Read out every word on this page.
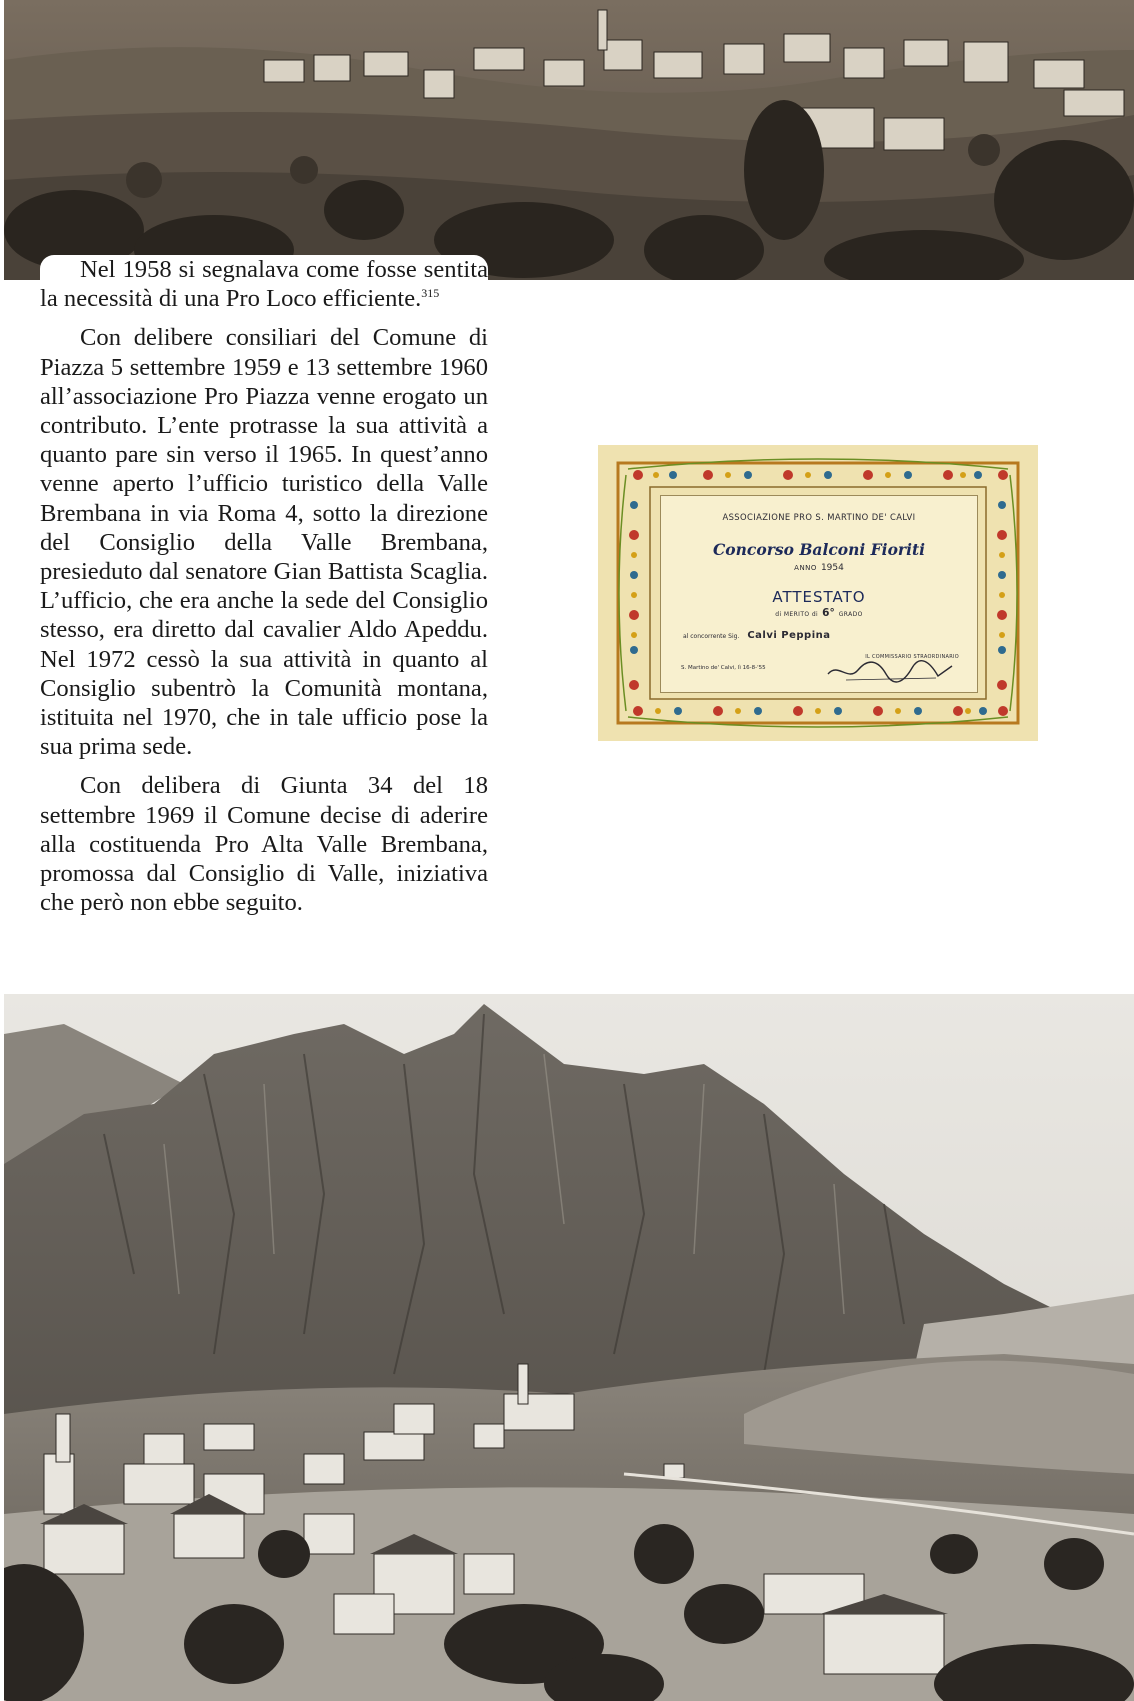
Nel 1958 si segnalava come fosse sentita la necessità di una Pro Loco efficiente.$^{315}$

Con delibere consiliari del Comune di Piazza 5 settembre 1959 e 13 settembre 1960 all’associazione Pro Piazza venne erogato un contributo. L’ente protrasse la sua attività a quanto pare sin verso il 1965. In quest’anno venne aperto l’ufficio turistico della Valle Brembana in via Roma 4, sotto la direzione del Consiglio della Valle Brembana, presieduto dal senatore Gian Battista Scaglia. L’ufficio, che era anche la sede del Consiglio stesso, era diretto dal cavalier Aldo Apeddu. Nel 1972 cessò la sua attività in quanto al Consiglio subentrò la Comunità montana, istituita nel 1970, che in tale ufficio pose la sua prima sede.

Con delibera di Giunta 34 del 18 settembre 1969 il Comune decise di aderire alla costituenda Pro Alta Valle Brembana, promossa dal Consiglio di Valle, iniziativa che però non ebbe seguito.

ASSOCIAZIONE PRO S. MARTINO DE' CALVI
Concorso Balconi Fioriti
ANNO 1954
ATTESTATO
di MERITO di 6° GRADO
al concorrente Sig. Calvi Peppina
IL COMMISSARIO STRAORDINARIO
S. Martino de' Calvi, lì 16-8-'55
